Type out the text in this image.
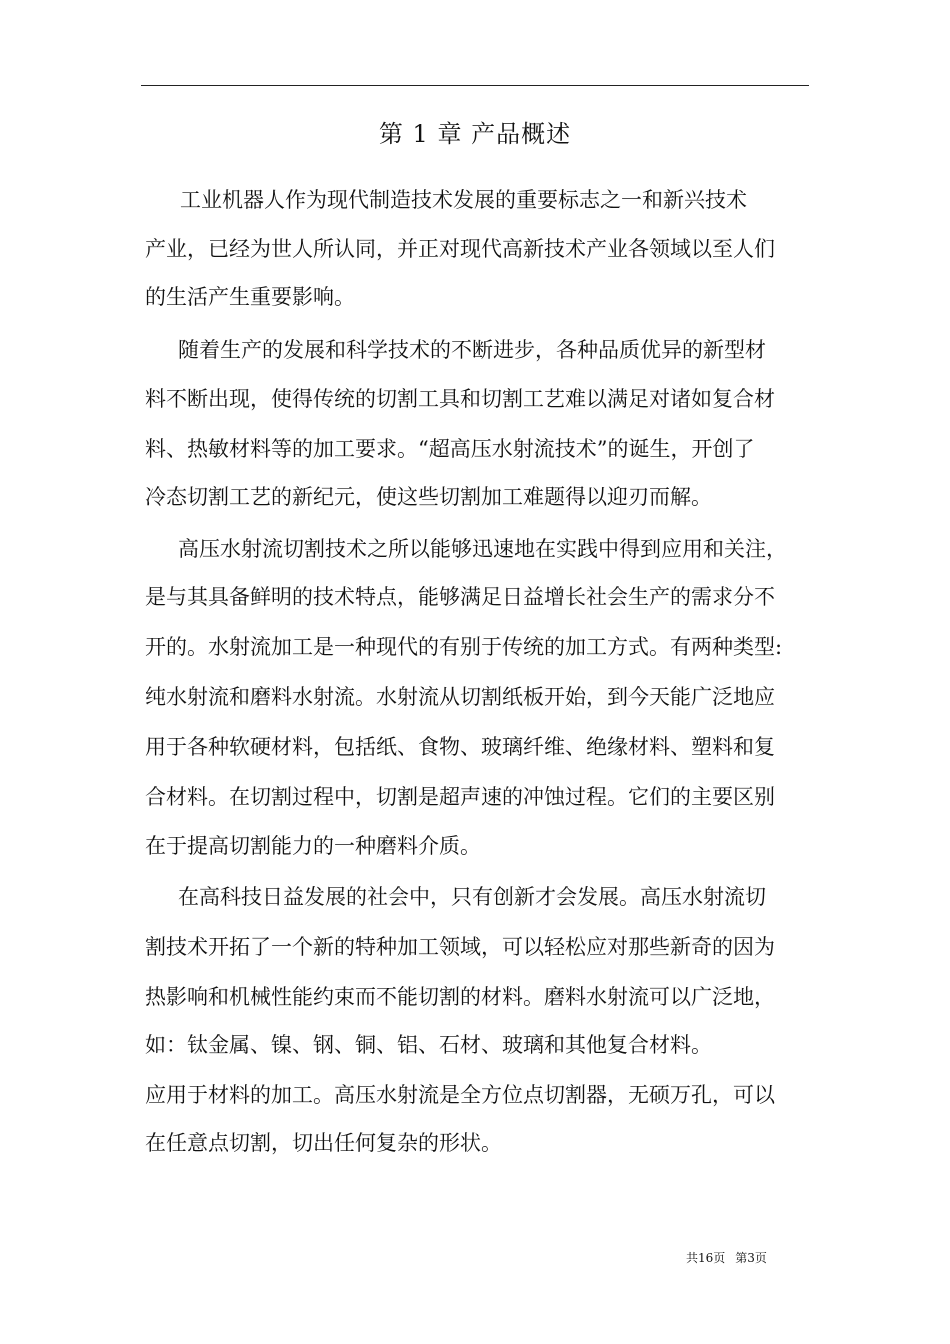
第 1 章 产品概述
工业机器人作为现代制造技术发展的重要标志之一和新兴技术
产业，已经为世人所认同，并正对现代高新技术产业各领域以至人们
的生活产生重要影响。
随着生产的发展和科学技术的不断进步，各种品质优异的新型材
料不断出现，使得传统的切割工具和切割工艺难以满足对诸如复合材
料、热敏材料等的加工要求。“超高压水射流技术”的诞生，开创了
冷态切割工艺的新纪元，使这些切割加工难题得以迎刃而解。
高压水射流切割技术之所以能够迅速地在实践中得到应用和关注，
是与其具备鲜明的技术特点，能够满足日益增长社会生产的需求分不
开的。水射流加工是一种现代的有别于传统的加工方式。有两种类型:
纯水射流和磨料水射流。水射流从切割纸板开始，到今天能广泛地应
用于各种软硬材料，包括纸、食物、玻璃纤维、绝缘材料、塑料和复
合材料。在切割过程中，切割是超声速的冲蚀过程。它们的主要区别
在于提高切割能力的一种磨料介质。
在高科技日益发展的社会中，只有创新才会发展。高压水射流切
割技术开拓了一个新的特种加工领域，可以轻松应对那些新奇的因为
热影响和机械性能约束而不能切割的材料。磨料水射流可以广泛地，
如：钛金属、镍、钢、铜、铝、石材、玻璃和其他复合材料。
应用于材料的加工。高压水射流是全方位点切割器，无硕万孔，可以
在任意点切割，切出任何复杂的形状。
共16页 第3页
